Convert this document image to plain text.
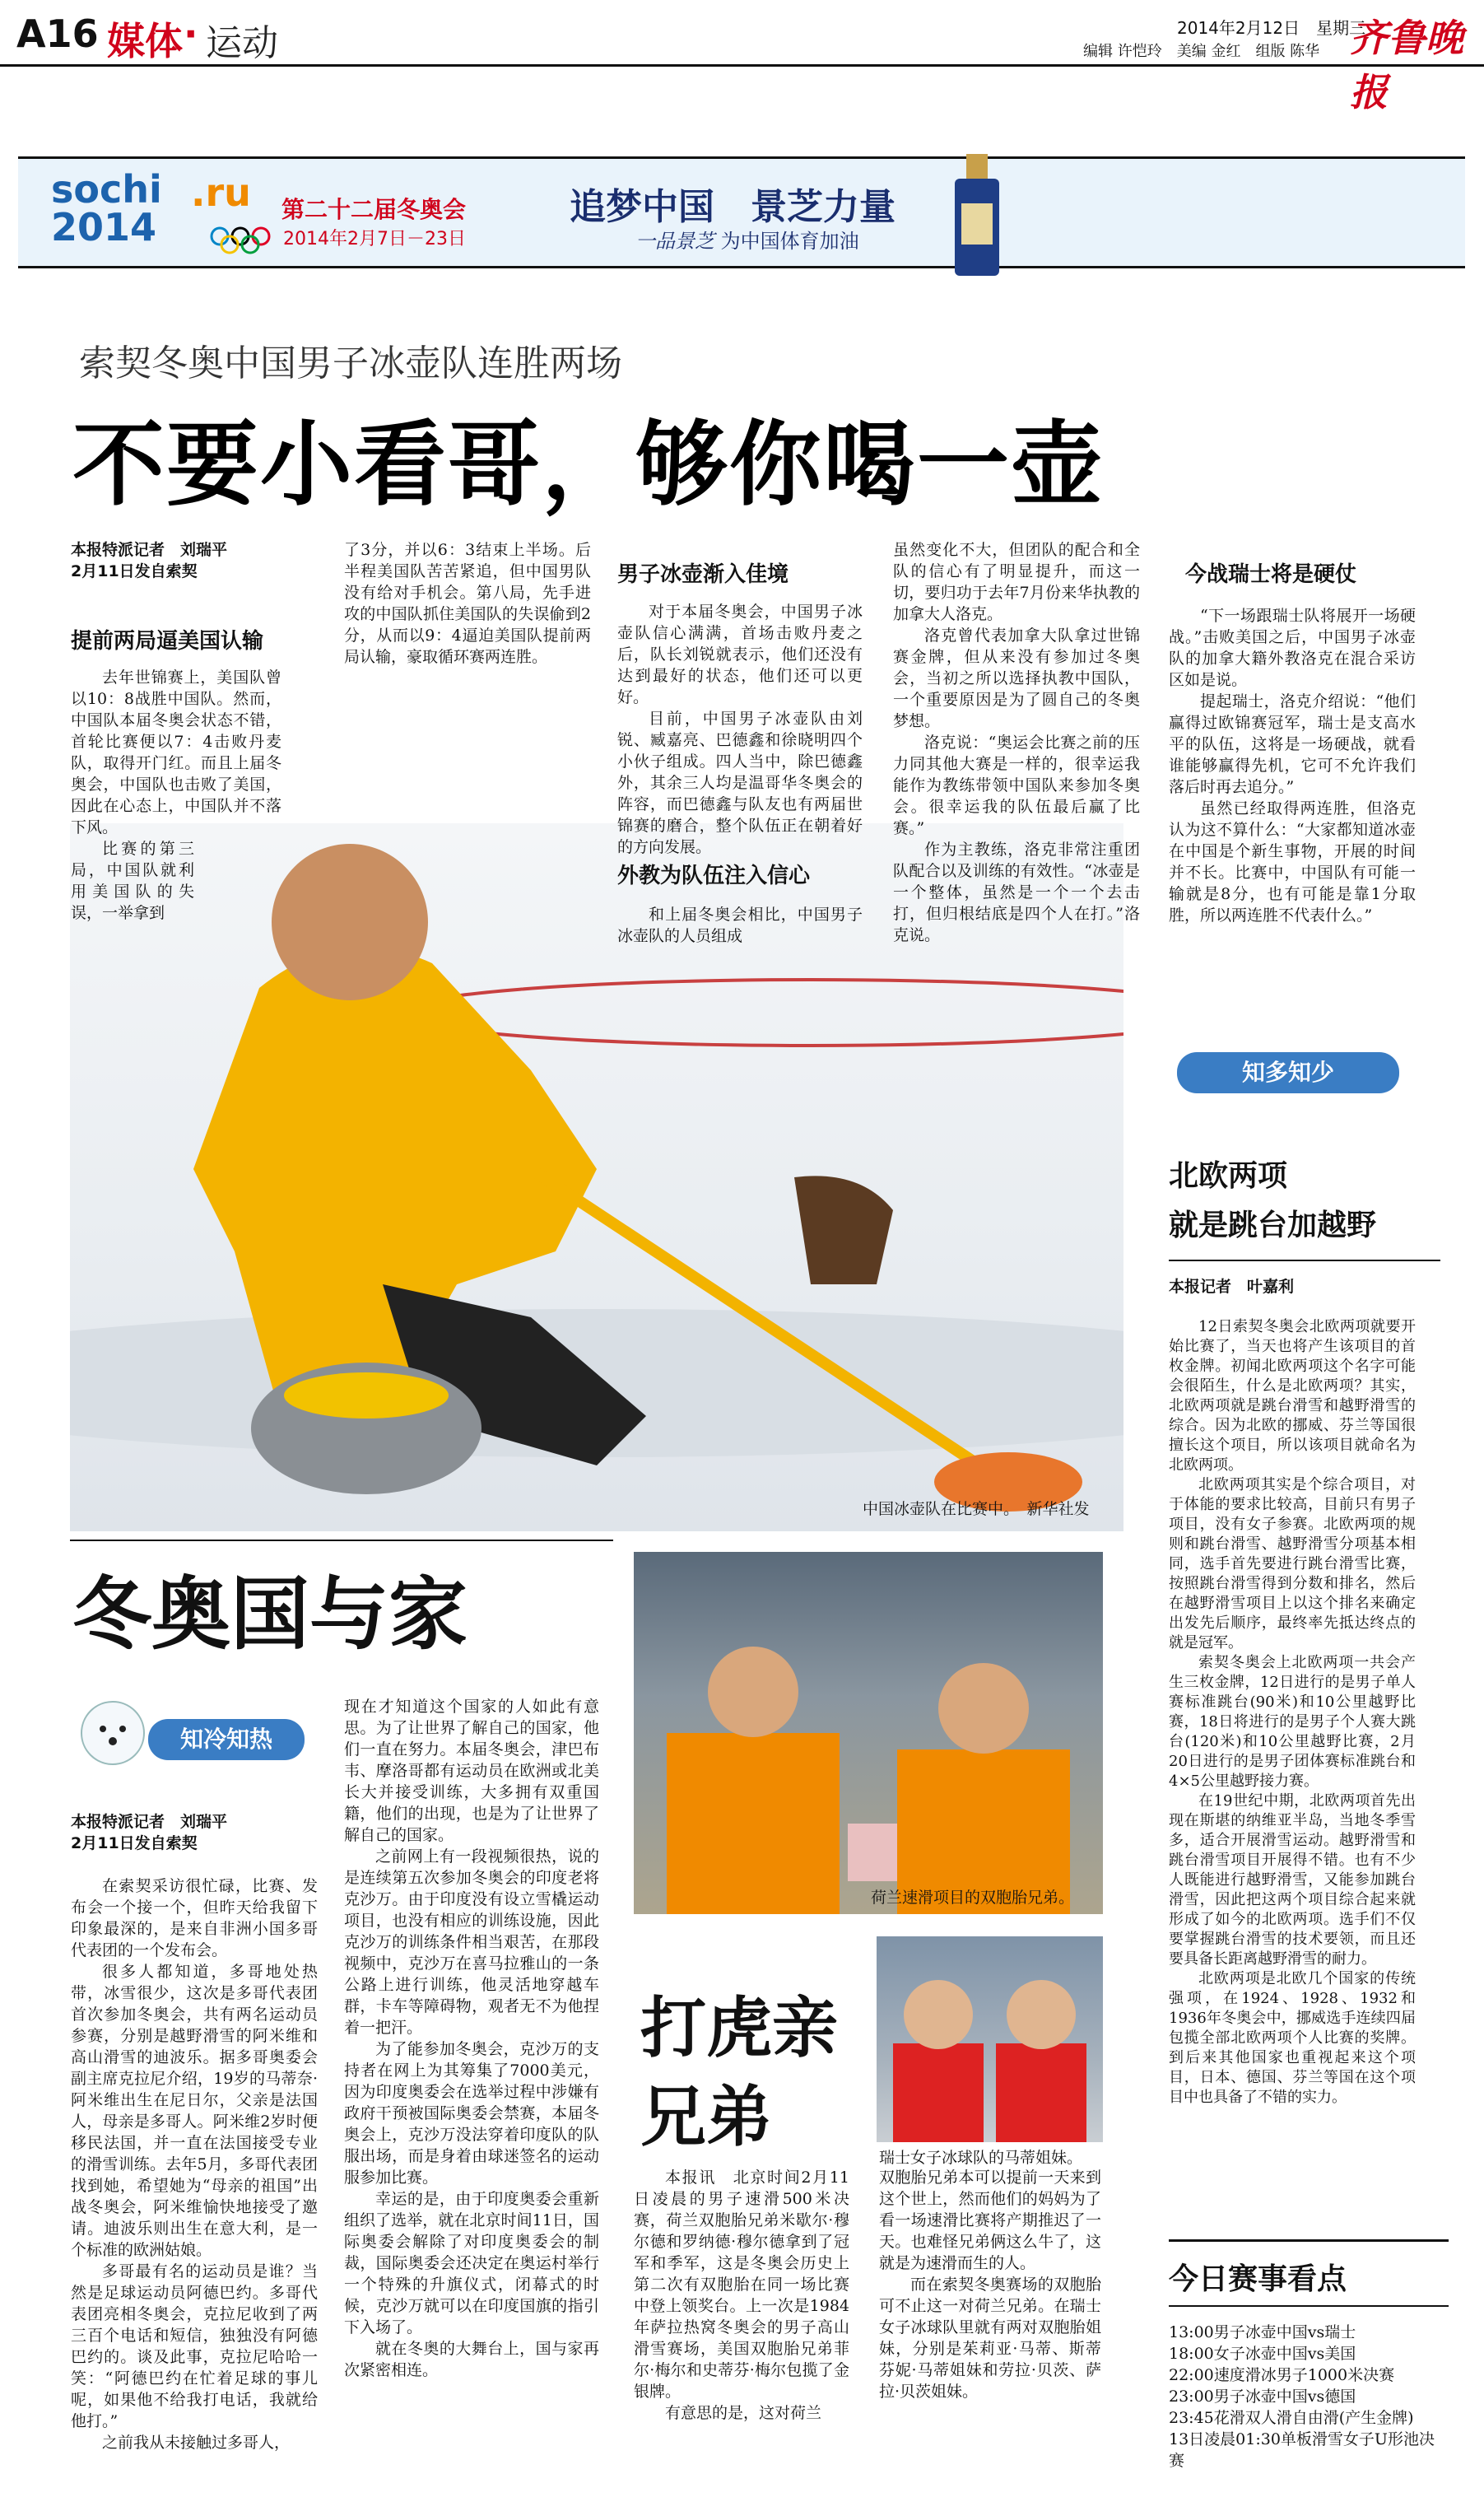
A16 媒体 · 运动	2014年2月12日　星期三
编辑 许恺玲　美编 金红　组版 陈华 齐鲁晚报
sochi
2014
.ru 第二十二届冬奥会
2014年2月7日－23日
追梦中国　景芝力量
一品景芝 为中国体育加油
索契冬奥中国男子冰壶队连胜两场
不要小看哥，够你喝一壶
本报特派记者　刘瑞平
2月11日发自索契
提前两局逼美国认输

去年世锦赛上，美国队曾以10：8战胜中国队。然而，中国队本届冬奥会状态不错，首轮比赛便以7：4击败丹麦队，取得开门红。而且上届冬奥会，中国队也击败了美国，因此在心态上，中国队并不落下风。

比赛的第三局，中国队就利用美国队的失误，一举拿到

了3分，并以6：3结束上半场。后半程美国队苦苦紧追，但中国男队没有给对手机会。第八局，先手进攻的中国队抓住美国队的失误偷到2分，从而以9：4逼迫美国队提前两局认输，豪取循环赛两连胜。

男子冰壶渐入佳境

对于本届冬奥会，中国男子冰壶队信心满满，首场击败丹麦之后，队长刘锐就表示，他们还没有达到最好的状态，他们还可以更好。

目前，中国男子冰壶队由刘锐、臧嘉亮、巴德鑫和徐晓明四个小伙子组成。四人当中，除巴德鑫外，其余三人均是温哥华冬奥会的阵容，而巴德鑫与队友也有两届世锦赛的磨合，整个队伍正在朝着好的方向发展。

外教为队伍注入信心

和上届冬奥会相比，中国男子冰壶队的人员组成

虽然变化不大，但团队的配合和全队的信心有了明显提升，而这一切，要归功于去年7月份来华执教的加拿大人洛克。

洛克曾代表加拿大队拿过世锦赛金牌，但从来没有参加过冬奥会，当初之所以选择执教中国队，一个重要原因是为了圆自己的冬奥梦想。

洛克说：“奥运会比赛之前的压力同其他大赛是一样的，很幸运我能作为教练带领中国队来参加冬奥会。很幸运我的队伍最后赢了比赛。”

作为主教练，洛克非常注重团队配合以及训练的有效性。“冰壶是一个整体，虽然是一个一个去击打，但归根结底是四个人在打。”洛克说。

今战瑞士将是硬仗

“下一场跟瑞士队将展开一场硬战。”击败美国之后，中国男子冰壶队的加拿大籍外教洛克在混合采访区如是说。

提起瑞士，洛克介绍说：“他们赢得过欧锦赛冠军，瑞士是支高水平的队伍，这将是一场硬战，就看谁能够赢得先机，它可不允许我们落后时再去追分。”

虽然已经取得两连胜，但洛克认为这不算什么：“大家都知道冰壶在中国是个新生事物，开展的时间并不长。比赛中，中国队有可能一输就是8分，也有可能是靠1分取胜，所以两连胜不代表什么。”

中国冰壶队在比赛中。　新华社发
知多知少
北欧两项
就是跳台加越野
本报记者　叶嘉利

12日索契冬奥会北欧两项就要开始比赛了，当天也将产生该项目的首枚金牌。初闻北欧两项这个名字可能会很陌生，什么是北欧两项？其实，北欧两项就是跳台滑雪和越野滑雪的综合。因为北欧的挪威、芬兰等国很擅长这个项目，所以该项目就命名为北欧两项。

北欧两项其实是个综合项目，对于体能的要求比较高，目前只有男子项目，没有女子参赛。北欧两项的规则和跳台滑雪、越野滑雪分项基本相同，选手首先要进行跳台滑雪比赛，按照跳台滑雪得到分数和排名，然后在越野滑雪项目上以这个排名来确定出发先后顺序，最终率先抵达终点的就是冠军。

索契冬奥会上北欧两项一共会产生三枚金牌，12日进行的是男子单人赛标准跳台(90米)和10公里越野比赛，18日将进行的是男子个人赛大跳台(120米)和10公里越野比赛，2月20日进行的是男子团体赛标准跳台和4×5公里越野接力赛。

在19世纪中期，北欧两项首先出现在斯堪的纳维亚半岛，当地冬季雪多，适合开展滑雪运动。越野滑雪和跳台滑雪项目开展得不错。也有不少人既能进行越野滑雪，又能参加跳台滑雪，因此把这两个项目综合起来就形成了如今的北欧两项。选手们不仅要掌握跳台滑雪的技术要领，而且还要具备长距离越野滑雪的耐力。

北欧两项是北欧几个国家的传统强项，在1924、1928、1932和1936年冬奥会中，挪威选手连续四届包揽全部北欧两项个人比赛的奖牌。到后来其他国家也重视起来这个项目，日本、德国、芬兰等国在这个项目中也具备了不错的实力。

今日赛事看点
13:00男子冰壶中国vs瑞士
18:00女子冰壶中国vs美国
22:00速度滑冰男子1000米决赛
23:00男子冰壶中国vs德国
23:45花滑双人滑自由滑(产生金牌)
13日凌晨01:30单板滑雪女子U形池决赛
冬奥国与家
知冷知热
本报特派记者　刘瑞平
2月11日发自索契

在索契采访很忙碌，比赛、发布会一个接一个，但昨天给我留下印象最深的，是来自非洲小国多哥代表团的一个发布会。

很多人都知道，多哥地处热带，冰雪很少，这次是多哥代表团首次参加冬奥会，共有两名运动员参赛，分别是越野滑雪的阿米维和高山滑雪的迪波乐。据多哥奥委会副主席克拉尼介绍，19岁的马蒂奈·阿米维出生在尼日尔，父亲是法国人，母亲是多哥人。阿米维2岁时便移民法国，并一直在法国接受专业的滑雪训练。去年5月，多哥代表团找到她，希望她为“母亲的祖国”出战冬奥会，阿米维愉快地接受了邀请。迪波乐则出生在意大利，是一个标准的欧洲姑娘。

多哥最有名的运动员是谁？当然是足球运动员阿德巴约。多哥代表团亮相冬奥会，克拉尼收到了两三百个电话和短信，独独没有阿德巴约的。谈及此事，克拉尼哈哈一笑：“阿德巴约在忙着足球的事儿呢，如果他不给我打电话，我就给他打。”

之前我从未接触过多哥人，

现在才知道这个国家的人如此有意思。为了让世界了解自己的国家，他们一直在努力。本届冬奥会，津巴布韦、摩洛哥都有运动员在欧洲或北美长大并接受训练，大多拥有双重国籍，他们的出现，也是为了让世界了解自己的国家。

之前网上有一段视频很热，说的是连续第五次参加冬奥会的印度老将克沙万。由于印度没有设立雪橇运动项目，也没有相应的训练设施，因此克沙万的训练条件相当艰苦，在那段视频中，克沙万在喜马拉雅山的一条公路上进行训练，他灵活地穿越车群，卡车等障碍物，观者无不为他捏着一把汗。

为了能参加冬奥会，克沙万的支持者在网上为其筹集了7000美元，因为印度奥委会在选举过程中涉嫌有政府干预被国际奥委会禁赛，本届冬奥会上，克沙万没法穿着印度队的队服出场，而是身着由球迷签名的运动服参加比赛。

幸运的是，由于印度奥委会重新组织了选举，就在北京时间11日，国际奥委会解除了对印度奥委会的制裁，国际奥委会还决定在奥运村举行一个特殊的升旗仪式，闭幕式的时候，克沙万就可以在印度国旗的指引下入场了。

就在冬奥的大舞台上，国与家再次紧密相连。

荷兰速滑项目的双胞胎兄弟。
打虎亲兄弟
瑞士女子冰球队的马蒂姐妹。

本报讯　北京时间2月11日凌晨的男子速滑500米决赛，荷兰双胞胎兄弟米歇尔·穆尔德和罗纳德·穆尔德拿到了冠军和季军，这是冬奥会历史上第二次有双胞胎在同一场比赛中登上领奖台。上一次是1984年萨拉热窝冬奥会的男子高山滑雪赛场，美国双胞胎兄弟菲尔·梅尔和史蒂芬·梅尔包揽了金银牌。

有意思的是，这对荷兰

双胞胎兄弟本可以提前一天来到这个世上，然而他们的妈妈为了看一场速滑比赛将产期推迟了一天。也难怪兄弟俩这么牛了，这就是为速滑而生的人。

而在索契冬奥赛场的双胞胎可不止这一对荷兰兄弟。在瑞士女子冰球队里就有两对双胞胎姐妹，分别是茱莉亚·马蒂、斯蒂芬妮·马蒂姐妹和劳拉·贝茨、萨拉·贝茨姐妹。
